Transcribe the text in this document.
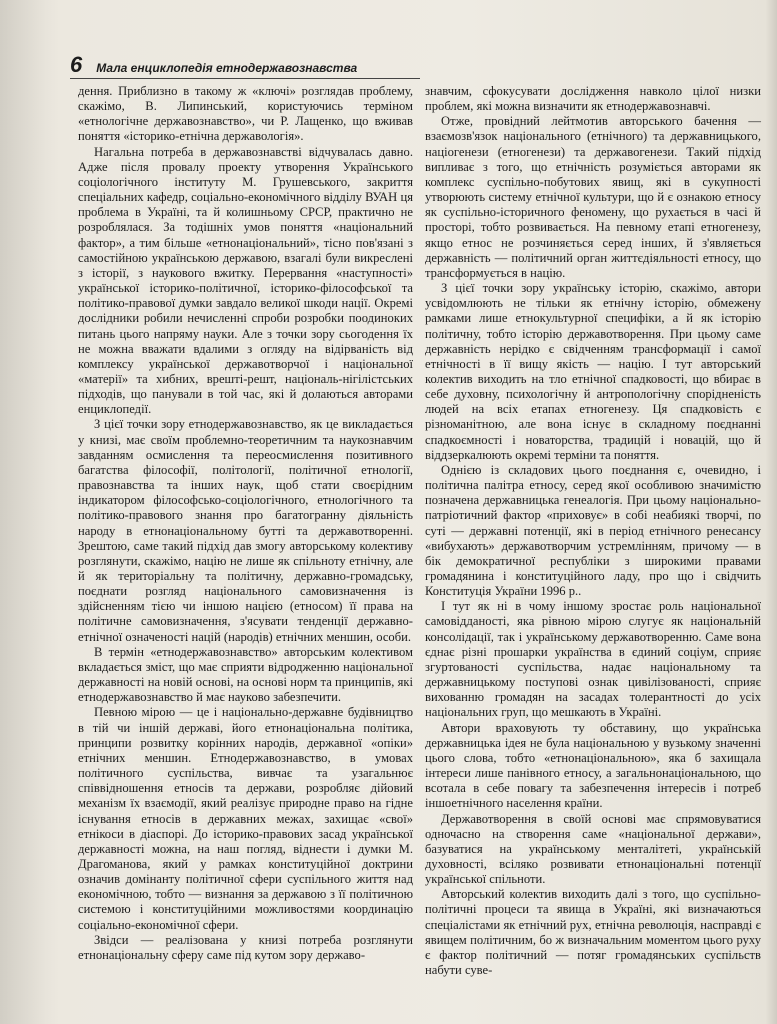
6 Мала енциклопедія етнодержавознавства

дення. Приблизно в такому ж «ключі» розглядав проблему, скажімо, В. Липинський, користуючись терміном «етнологічне державознавство», чи Р. Лащенко, що вживав поняття «історико-етнічна державологія».

Нагальна потреба в державознавстві відчувалась давно. Адже після провалу проекту утворення Українського соціологічного інституту М. Грушевського, закриття спеціальних кафедр, соціально-економічного відділу ВУАН ця проблема в Україні, та й колишньому СРСР, практично не розроблялася. За тодішніх умов поняття «національний фактор», а тим більше «етнонаціональний», тісно пов'язані з самостійною українською державою, взагалі були викреслені з історії, з наукового вжитку. Перервання «наступності» української історико-політичної, історико-філософської та політико-правової думки завдало великої шкоди нації. Окремі дослідники робили нечисленні спроби розробки поодиноких питань цього напряму науки. Але з точки зору сьогодення їх не можна вважати вдалими з огляду на відірваність від комплексу української державотворчої і національної «матерії» та хибних, врешті-решт, національ-нігілістських підходів, що панували в той час, які й долаються авторами енциклопедії.

З цієї точки зору етнодержавознавство, як це викладається у книзі, має своїм проблемно-теоретичним та наукознавчим завданням осмислення та переосмислення позитивного багатства філософії, політології, політичної етнології, правознавства та інших наук, щоб стати своєрідним індикатором філософсько-соціологічного, етнологічного та політико-правового знання про багатогранну діяльність народу в етнонаціональному бутті та державотворенні. Зрештою, саме такий підхід дав змогу авторському колективу розглянути, скажімо, націю не лише як спільноту етнічну, але й як територіальну та політичну, державно-громадську, поєднати розгляд національного самовизначення із здійсненням тією чи іншою нацією (етносом) її права на політичне самовизначення, з'ясувати тенденції державно-етнічної означеності націй (народів) етнічних меншин, особи.

В термін «етнодержавознавство» авторським колективом вкладається зміст, що має сприяти відродженню національної державності на новій основі, на основі норм та принципів, які етнодержавознавство й має науково забезпечити.

Певною мірою — це і національно-державне будівництво в тій чи іншій державі, його етнонаціональна політика, принципи розвитку корінних народів, державної «опіки» етнічних меншин. Етнодержавознавство, в умовах політичного суспільства, вивчає та узагальнює співвідношення етносів та держави, розробляє дійовий механізм їх взаємодії, який реалізує природне право на гідне існування етносів в державних межах, захищає «свої» етнікоси в діаспорі. До історико-правових засад української державності можна, на наш погляд, віднести і думки М. Драгоманова, який у рамках конституційної доктрини означив домінанту політичної сфери суспільного життя над економічною, тобто — визнання за державою з її політичною системою і конституційними можливостями координацію соціально-економічної сфери.

Звідси — реалізована у книзі потреба розглянути етнонаціональну сферу саме під кутом зору державо-

знавчим, сфокусувати дослідження навколо цілої низки проблем, які можна визначити як етнодержавознавчі.

Отже, провідний лейтмотив авторського бачення — взаємозв'язок національного (етнічного) та державницького, націогенези (етногенези) та державогенези. Такий підхід випливає з того, що етнічність розуміється авторами як комплекс суспільно-побутових явищ, які в сукупності утворюють систему етнічної культури, що й є ознакою етносу як суспільно-історичного феномену, що рухається в часі й просторі, тобто розвивається. На певному етапі етногенезу, якщо етнос не розчиняється серед інших, й з'являється державність — політичний орган життєдіяльності етносу, що трансформується в націю.

З цієї точки зору українську історію, скажімо, автори усвідомлюють не тільки як етнічну історію, обмежену рамками лише етнокультурної специфіки, а й як історію політичну, тобто історію державотворення. При цьому саме державність нерідко є свідченням трансформації і самої етнічності в її вищу якість — націю. І тут авторський колектив виходить на тло етнічної спадковості, що вбирає в себе духовну, психологічну й антропологічну спорідненість людей на всіх етапах етногенезу. Ця спадковість є різноманітною, але вона існує в складному поєднанні спадкоємності і новаторства, традицій і новацій, що й віддзеркалюють окремі терміни та поняття.

Однією із складових цього поєднання є, очевидно, і політична палітра етносу, серед якої особливою значимістю позначена державницька генеалогія. При цьому національно-патріотичний фактор «приховує» в собі неабиякі творчі, по суті — державні потенції, які в період етнічного ренесансу «вибухають» державотворчим устремлінням, причому — в бік демократичної республіки з широкими правами громадянина і конституційного ладу, про що і свідчить Конституція України 1996 р..

І тут як ні в чому іншому зростає роль національної самовідданості, яка рівною мірою слугує як національній консолідації, так і українському державотворенню. Саме вона єднає різні прошарки українства в єдиний соціум, сприяє згуртованості суспільства, надає національному та державницькому поступові ознак цивілізованості, сприяє вихованню громадян на засадах толерантності до усіх національних груп, що мешкають в Україні.

Автори враховують ту обставину, що українська державницька ідея не була національною у вузькому значенні цього слова, тобто «етнонаціональною», яка б захищала інтереси лише панівного етносу, а загальнонаціональною, що всотала в себе повагу та забезпечення інтересів і потреб іншоетнічного населення країни.

Державотворення в своїй основі має спрямовуватися одночасно на створення саме «національної держави», базуватися на українському менталітеті, українській духовності, всіляко розвивати етнонаціональні потенції української спільноти.

Авторський колектив виходить далі з того, що суспільно-політичні процеси та явища в Україні, які визначаються спеціалістами як етнічний рух, етнічна революція, насправді є явищем політичним, бо ж визначальним моментом цього руху є фактор політичний — потяг громадянських суспільств набути суве-
